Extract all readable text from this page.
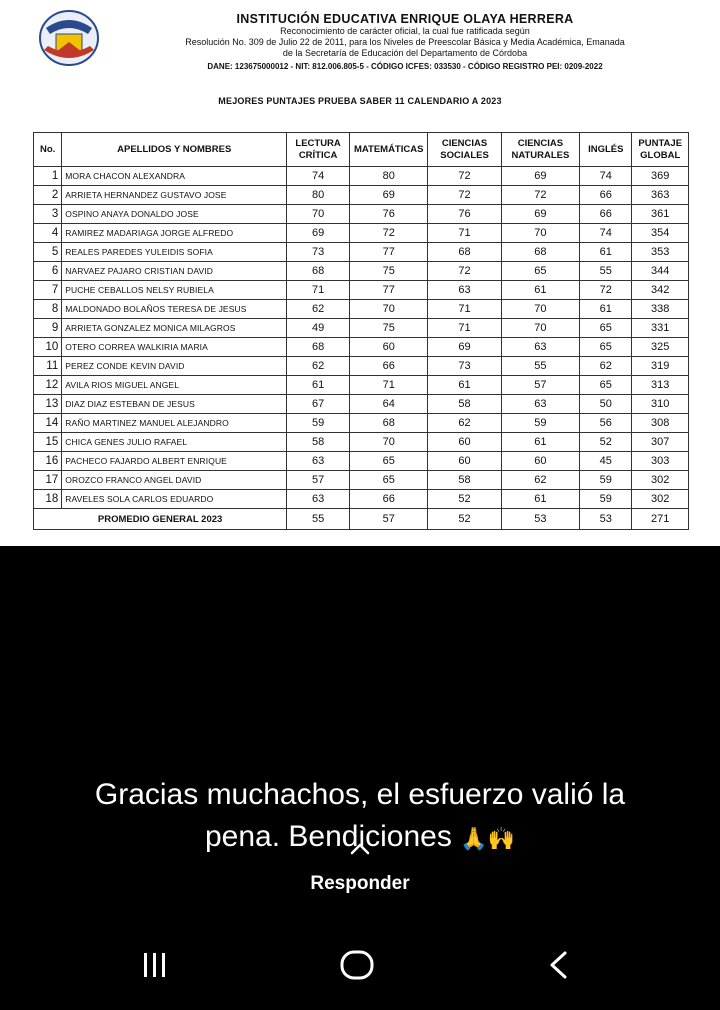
INSTITUCIÓN EDUCATIVA ENRIQUE OLAYA HERRERA
Reconocimiento de carácter oficial, la cual fue ratificada según
Resolución No. 309 de Julio 22 de 2011, para los Niveles de Preescolar Básica y Media Académica, Emanada
de la Secretaría de Educación del Departamento de Córdoba
DANE: 123675000012 - NIT: 812.006.805-5 - CÓDIGO ICFES: 033530 - CÓDIGO REGISTRO PEI: 0209-2022
MEJORES PUNTAJES PRUEBA SABER 11 CALENDARIO A 2023
No.	APELLIDOS Y NOMBRES	LECTURA CRÍTICA	MATEMÁTICAS	CIENCIAS SOCIALES	CIENCIAS NATURALES	INGLÉS	PUNTAJE GLOBAL
1	MORA CHACON ALEXANDRA	74	80	72	69	74	369
2	ARRIETA HERNANDEZ GUSTAVO JOSE	80	69	72	72	66	363
3	OSPINO ANAYA DONALDO JOSE	70	76	76	69	66	361
4	RAMIREZ MADARIAGA JORGE ALFREDO	69	72	71	70	74	354
5	REALES PAREDES YULEIDIS SOFIA	73	77	68	68	61	353
6	NARVAEZ PAJARO CRISTIAN DAVID	68	75	72	65	55	344
7	PUCHE CEBALLOS NELSY RUBIELA	71	77	63	61	72	342
8	MALDONADO BOLAÑOS TERESA DE JESUS	62	70	71	70	61	338
9	ARRIETA GONZALEZ MONICA MILAGROS	49	75	71	70	65	331
10	OTERO CORREA WALKIRIA MARIA	68	60	69	63	65	325
11	PEREZ CONDE KEVIN DAVID	62	66	73	55	62	319
12	AVILA RIOS MIGUEL ANGEL	61	71	61	57	65	313
13	DIAZ DIAZ ESTEBAN DE JESUS	67	64	58	63	50	310
14	RAÑO MARTINEZ MANUEL ALEJANDRO	59	68	62	59	56	308
15	CHICA GENES JULIO RAFAEL	58	70	60	61	52	307
16	PACHECO FAJARDO ALBERT ENRIQUE	63	65	60	60	45	303
17	OROZCO FRANCO ANGEL DAVID	57	65	58	62	59	302
18	RAVELES SOLA CARLOS EDUARDO	63	66	52	61	59	302
PROMEDIO GENERAL 2023		55	57	52	53	53	271
Gracias muchachos, el esfuerzo valió la
pena. Bendiciones 🙏🙌
Responder
